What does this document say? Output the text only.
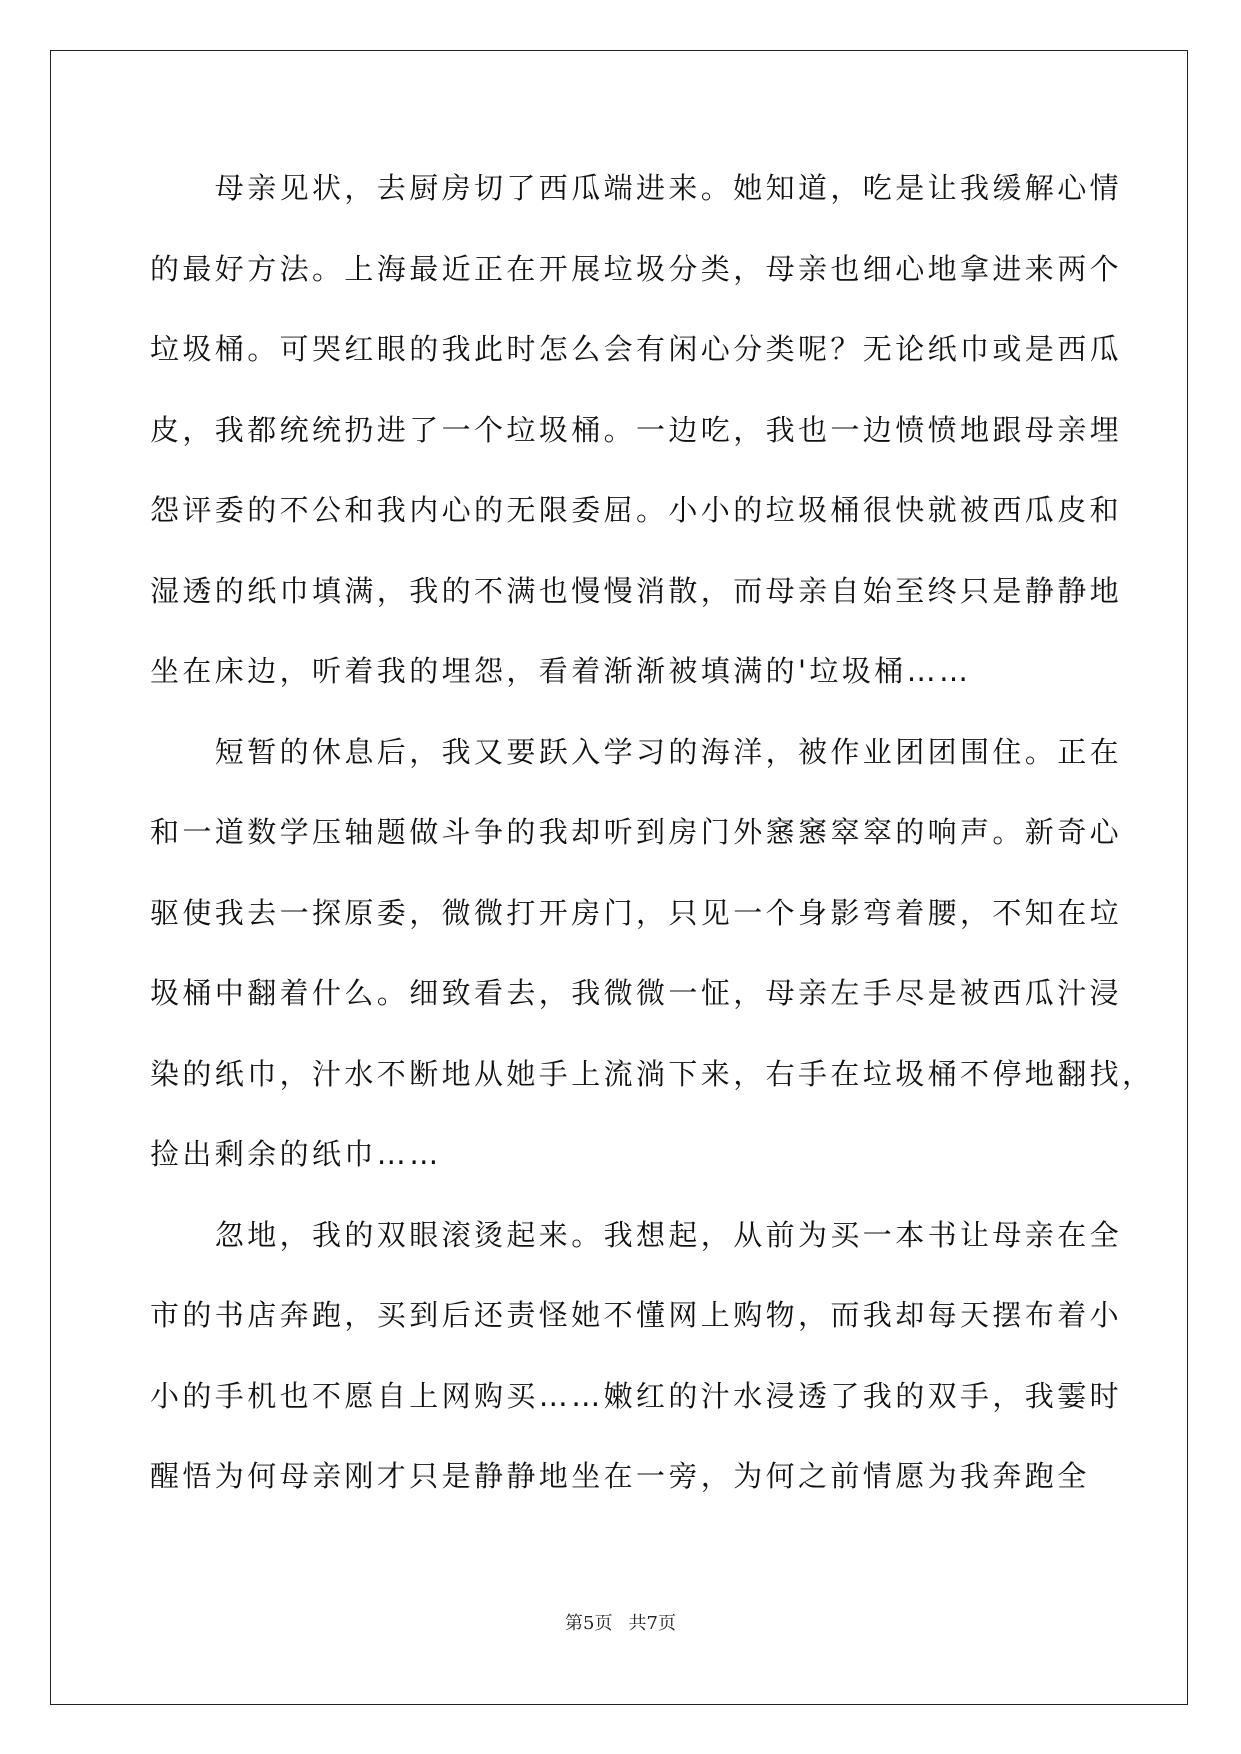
　　母亲见状，去厨房切了西瓜端进来。她知道，吃是让我缓解心情
的最好方法。上海最近正在开展垃圾分类，母亲也细心地拿进来两个
垃圾桶。可哭红眼的我此时怎么会有闲心分类呢？无论纸巾或是西瓜
皮，我都统统扔进了一个垃圾桶。一边吃，我也一边愤愤地跟母亲埋
怨评委的不公和我内心的无限委屈。小小的垃圾桶很快就被西瓜皮和
湿透的纸巾填满，我的不满也慢慢消散，而母亲自始至终只是静静地
坐在床边，听着我的埋怨，看着渐渐被填满的'垃圾桶……
　　短暂的休息后，我又要跃入学习的海洋，被作业团团围住。正在
和一道数学压轴题做斗争的我却听到房门外窸窸窣窣的响声。新奇心
驱使我去一探原委，微微打开房门，只见一个身影弯着腰，不知在垃
圾桶中翻着什么。细致看去，我微微一怔，母亲左手尽是被西瓜汁浸
染的纸巾，汁水不断地从她手上流淌下来，右手在垃圾桶不停地翻找，
捡出剩余的纸巾……
　　忽地，我的双眼滚烫起来。我想起，从前为买一本书让母亲在全
市的书店奔跑，买到后还责怪她不懂网上购物，而我却每天摆布着小
小的手机也不愿自上网购买……嫩红的汁水浸透了我的双手，我霎时
醒悟为何母亲刚才只是静静地坐在一旁，为何之前情愿为我奔跑全
第5页 共7页
